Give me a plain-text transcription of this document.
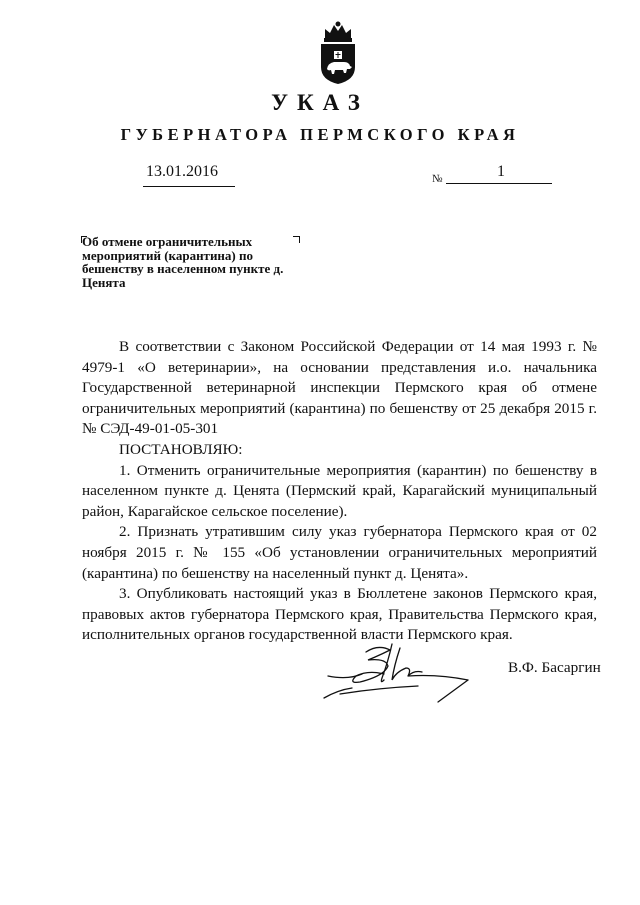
УКАЗ
ГУБЕРНАТОРА ПЕРМСКОГО КРАЯ
13.01.2016	№	1

Об отмене ограничительных мероприятий (карантина) по бешенству в населенном пункте д. Ценята

В соответствии с Законом Российской Федерации от 14 мая 1993 г. № 4979-1 «О ветеринарии», на основании представления и.о. начальника Государственной ветеринарной инспекции Пермского края об отмене ограничительных мероприятий (карантина) по бешенству от 25 декабря 2015 г. № СЭД-49-01-05-301

ПОСТАНОВЛЯЮ:

1. Отменить ограничительные мероприятия (карантин) по бешенству в населенном пункте д. Ценята (Пермский край, Карагайский муниципальный район, Карагайское сельское поселение).

2. Признать утратившим силу указ губернатора Пермского края от 02 ноября 2015 г. № 155 «Об установлении ограничительных мероприятий (карантина) по бешенству на населенный пункт д. Ценята».

3. Опубликовать настоящий указ в Бюллетене законов Пермского края, правовых актов губернатора Пермского края, Правительства Пермского края, исполнительных органов государственной власти Пермского края.

В.Ф. Басаргин
